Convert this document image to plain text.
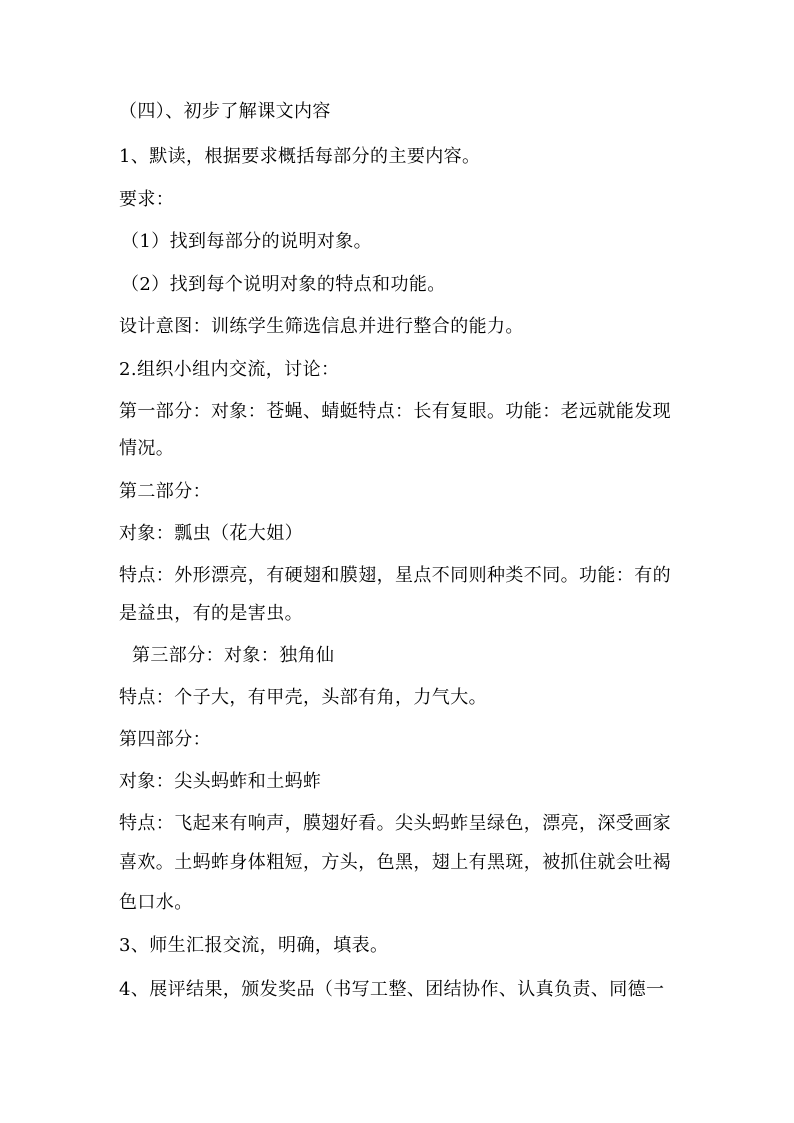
（四）、初步了解课文内容
1、默读，根据要求概括每部分的主要内容。
要求：
（1）找到每部分的说明对象。
（2）找到每个说明对象的特点和功能。
设计意图：训练学生筛选信息并进行整合的能力。
2.组织小组内交流，讨论：
第一部分：对象：苍蝇、蜻蜓特点：长有复眼。功能：老远就能发现
情况。
第二部分：
对象：瓢虫（花大姐）
特点：外形漂亮，有硬翅和膜翅，星点不同则种类不同。功能：有的
是益虫，有的是害虫。
第三部分：对象：独角仙
特点：个子大，有甲壳，头部有角，力气大。
第四部分：
对象：尖头蚂蚱和土蚂蚱
特点：飞起来有响声，膜翅好看。尖头蚂蚱呈绿色，漂亮，深受画家
喜欢。土蚂蚱身体粗短，方头，色黑，翅上有黑斑，被抓住就会吐褐
色口水。
3、师生汇报交流，明确，填表。
4、展评结果，颁发奖品（书写工整、团结协作、认真负责、同德一
